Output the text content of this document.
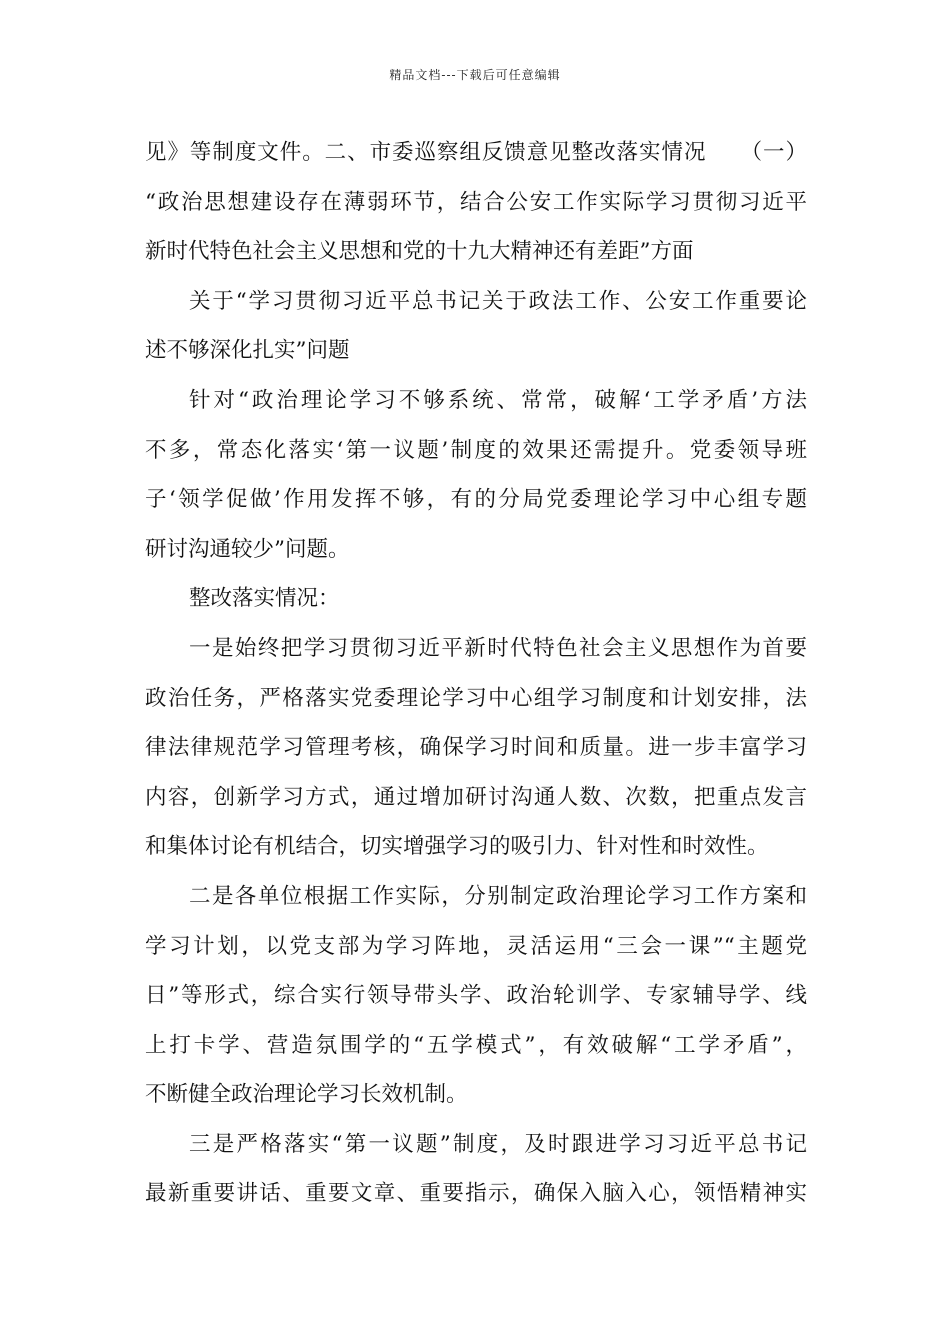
精品文档---下载后可任意编辑
见》等制度文件。二、市委巡察组反馈意见整改落实情况　　（一）
“政治思想建设存在薄弱环节，结合公安工作实际学习贯彻习近平
新时代特色社会主义思想和党的十九大精神还有差距”方面
关于“学习贯彻习近平总书记关于政法工作、公安工作重要论
述不够深化扎实”问题
针对“政治理论学习不够系统、常常，破解‘工学矛盾’方法
不多，常态化落实‘第一议题’制度的效果还需提升。党委领导班
子‘领学促做’作用发挥不够，有的分局党委理论学习中心组专题
研讨沟通较少”问题。
整改落实情况：
一是始终把学习贯彻习近平新时代特色社会主义思想作为首要
政治任务，严格落实党委理论学习中心组学习制度和计划安排，法
律法律规范学习管理考核，确保学习时间和质量。进一步丰富学习
内容，创新学习方式，通过增加研讨沟通人数、次数，把重点发言
和集体讨论有机结合，切实增强学习的吸引力、针对性和时效性。
二是各单位根据工作实际，分别制定政治理论学习工作方案和
学习计划，以党支部为学习阵地，灵活运用“三会一课”“主题党
日”等形式，综合实行领导带头学、政治轮训学、专家辅导学、线
上打卡学、营造氛围学的“五学模式”，有效破解“工学矛盾”，
不断健全政治理论学习长效机制。
三是严格落实“第一议题”制度，及时跟进学习习近平总书记
最新重要讲话、重要文章、重要指示，确保入脑入心，领悟精神实
